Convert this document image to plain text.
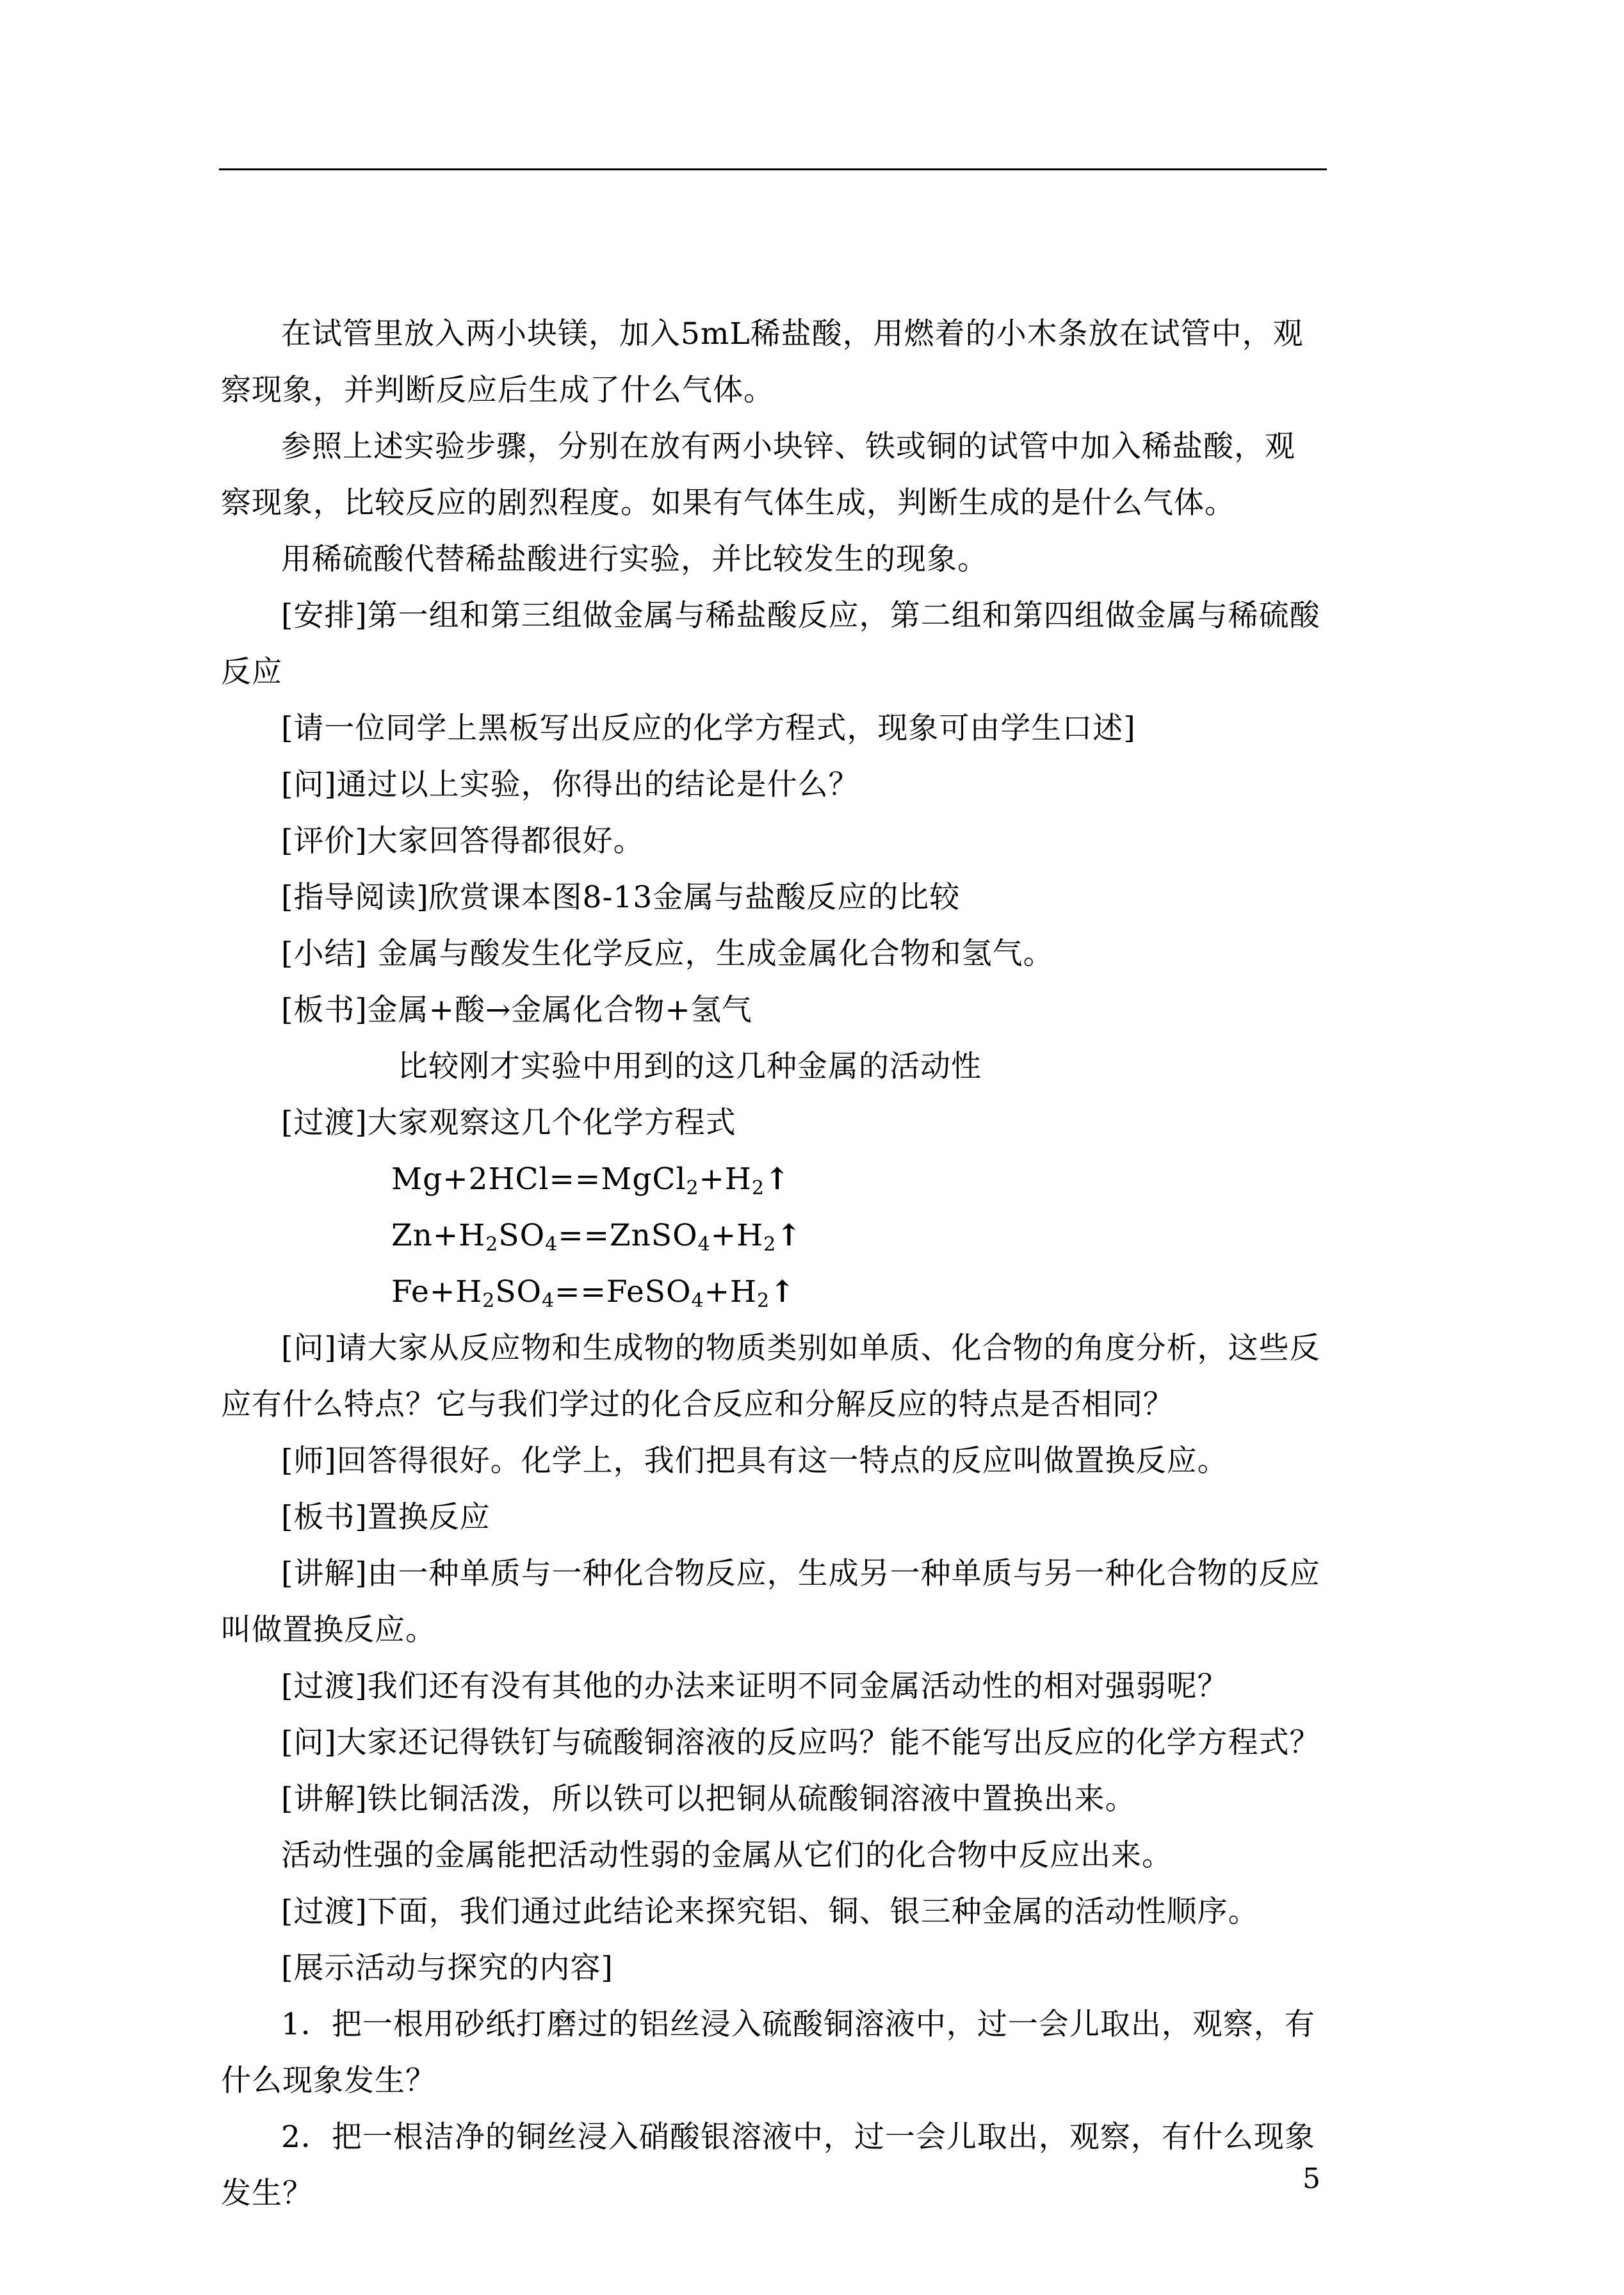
在试管里放入两小块镁，加入5mL稀盐酸，用燃着的小木条放在试管中，观察现象，并判断反应后生成了什么气体。

参照上述实验步骤，分别在放有两小块锌、铁或铜的试管中加入稀盐酸，观察现象，比较反应的剧烈程度。如果有气体生成，判断生成的是什么气体。

用稀硫酸代替稀盐酸进行实验，并比较发生的现象。

[安排]第一组和第三组做金属与稀盐酸反应，第二组和第四组做金属与稀硫酸反应

[请一位同学上黑板写出反应的化学方程式，现象可由学生口述]

[问]通过以上实验，你得出的结论是什么？

[评价]大家回答得都很好。

[指导阅读]欣赏课本图8-13金属与盐酸反应的比较

[小结] 金属与酸发生化学反应，生成金属化合物和氢气。

[板书]金属+酸→金属化合物+氢气

比较刚才实验中用到的这几种金属的活动性

[过渡]大家观察这几个化学方程式

$Mg+2HCl==MgCl_2+H_2↑$

$Zn+H_2SO_4==ZnSO_4+H_2↑$

$Fe+H_2SO_4==FeSO_4+H_2↑$

[问]请大家从反应物和生成物的物质类别如单质、化合物的角度分析，这些反应有什么特点？它与我们学过的化合反应和分解反应的特点是否相同？

[师]回答得很好。化学上，我们把具有这一特点的反应叫做置换反应。

[板书]置换反应

[讲解]由一种单质与一种化合物反应，生成另一种单质与另一种化合物的反应叫做置换反应。

[过渡]我们还有没有其他的办法来证明不同金属活动性的相对强弱呢？

[问]大家还记得铁钉与硫酸铜溶液的反应吗？能不能写出反应的化学方程式？

[讲解]铁比铜活泼，所以铁可以把铜从硫酸铜溶液中置换出来。

活动性强的金属能把活动性弱的金属从它们的化合物中反应出来。

[过渡]下面，我们通过此结论来探究铝、铜、银三种金属的活动性顺序。

[展示活动与探究的内容]

1．把一根用砂纸打磨过的铝丝浸入硫酸铜溶液中，过一会儿取出，观察，有什么现象发生？

2．把一根洁净的铜丝浸入硝酸银溶液中，过一会儿取出，观察，有什么现象发生？	5
